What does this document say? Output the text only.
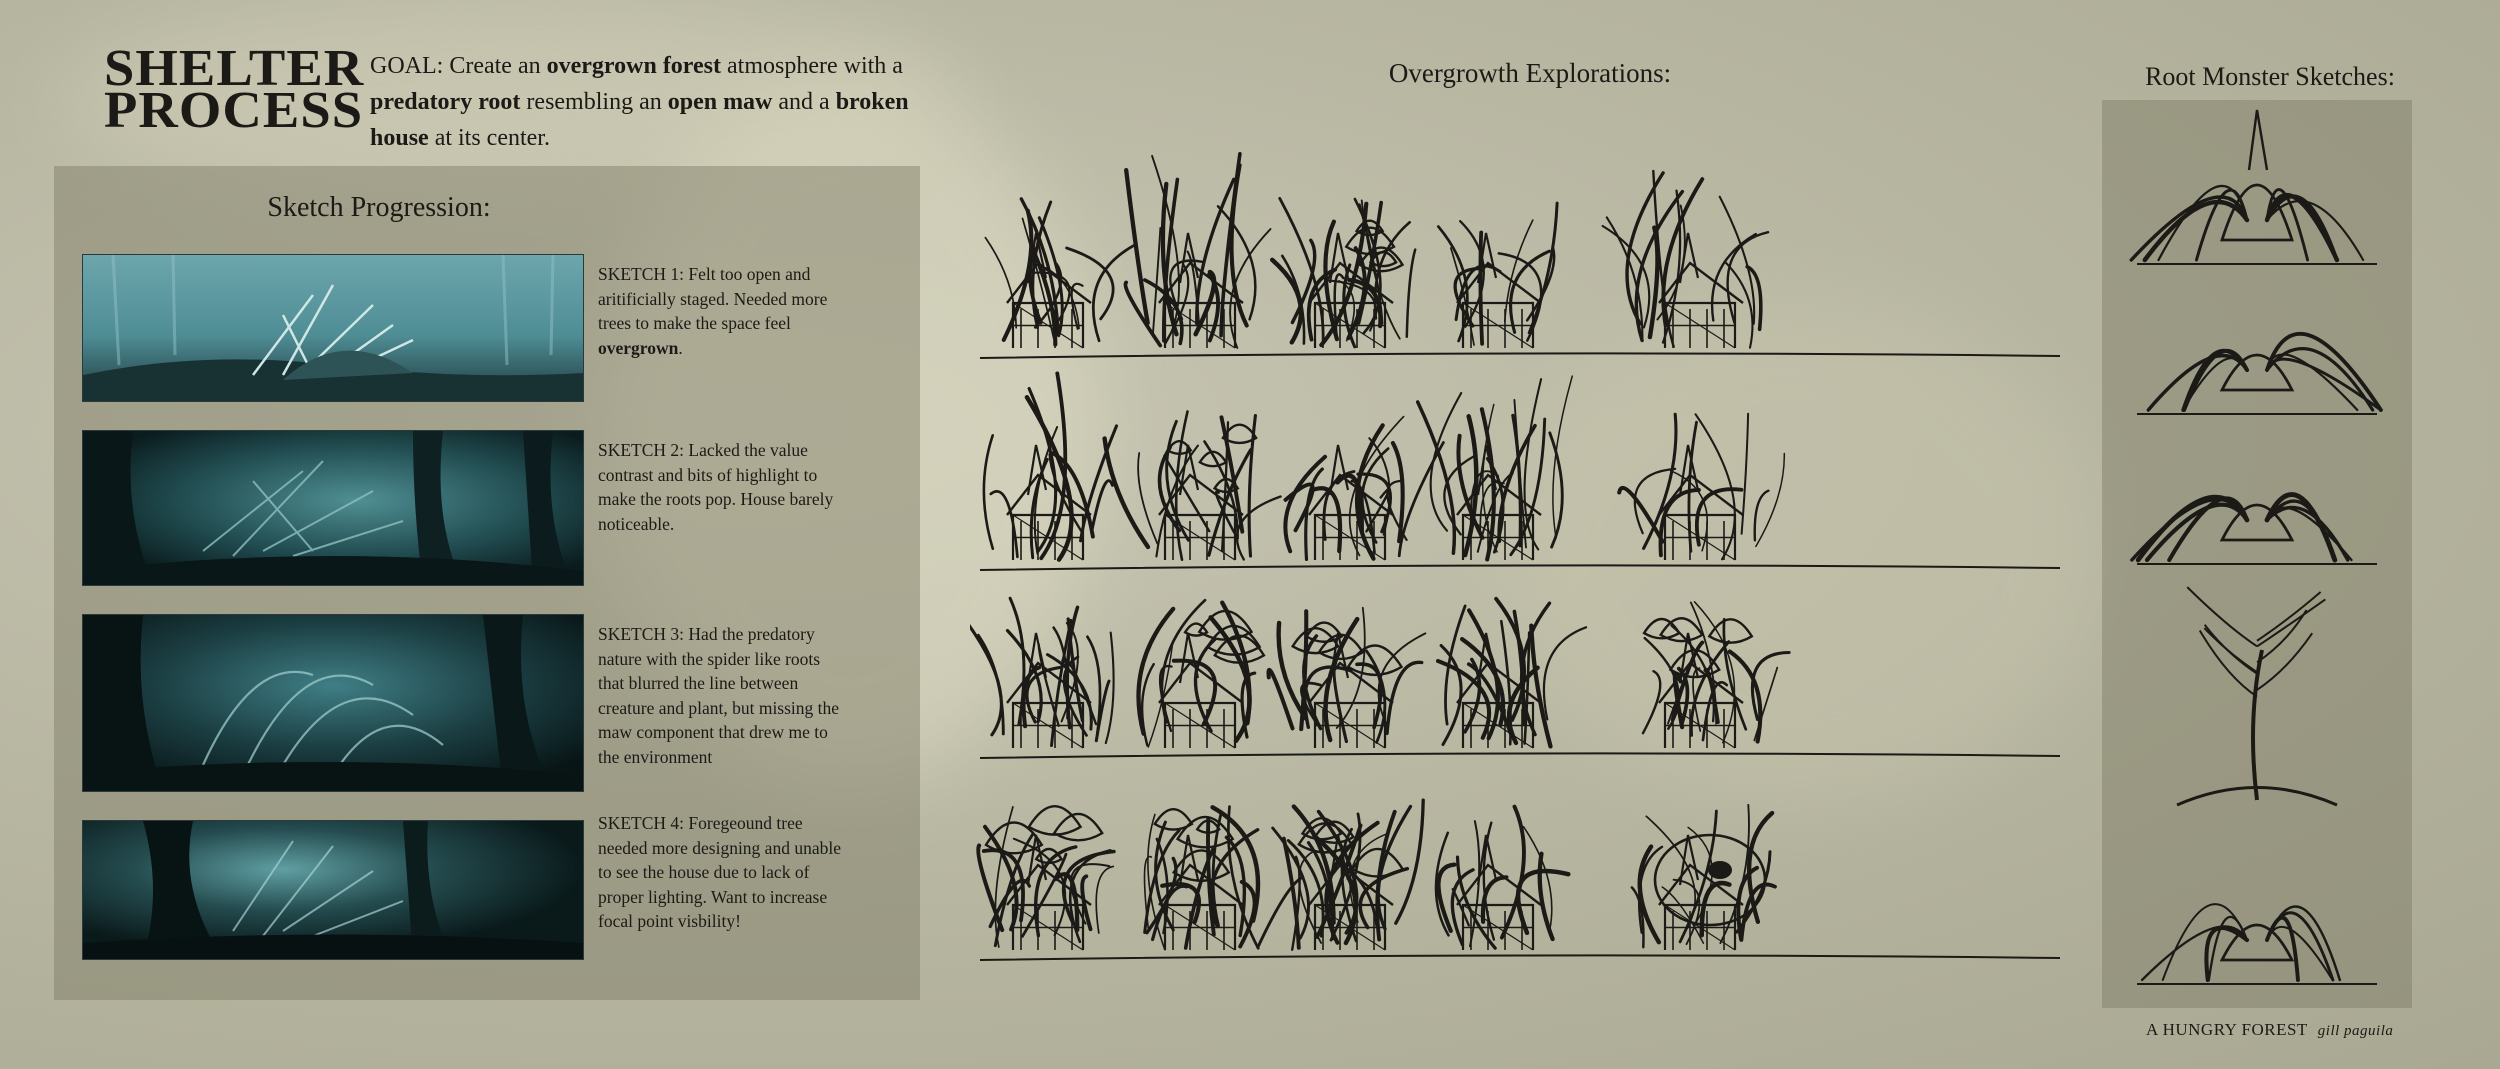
SHELTER
PROCESS
GOAL: Create an overgrown forest atmosphere with a predatory root resembling an open maw and a broken house at its center.
Sketch Progression:
SKETCH 1: Felt too open and aritificially staged. Needed more trees to make the space feel overgrown.
SKETCH 2: Lacked the value contrast and bits of highlight to make the roots pop. House barely noticeable.
SKETCH 3: Had the predatory nature with the spider like roots that blurred the line between creature and plant, but missing the maw component that drew me to the environment
SKETCH 4: Foregeound tree needed more designing and unable to see the house due to lack of proper lighting. Want to increase focal point visbility!
Overgrowth Explorations:	Root Monster Sketches:
A HUNGRY FOREST gill paguila
